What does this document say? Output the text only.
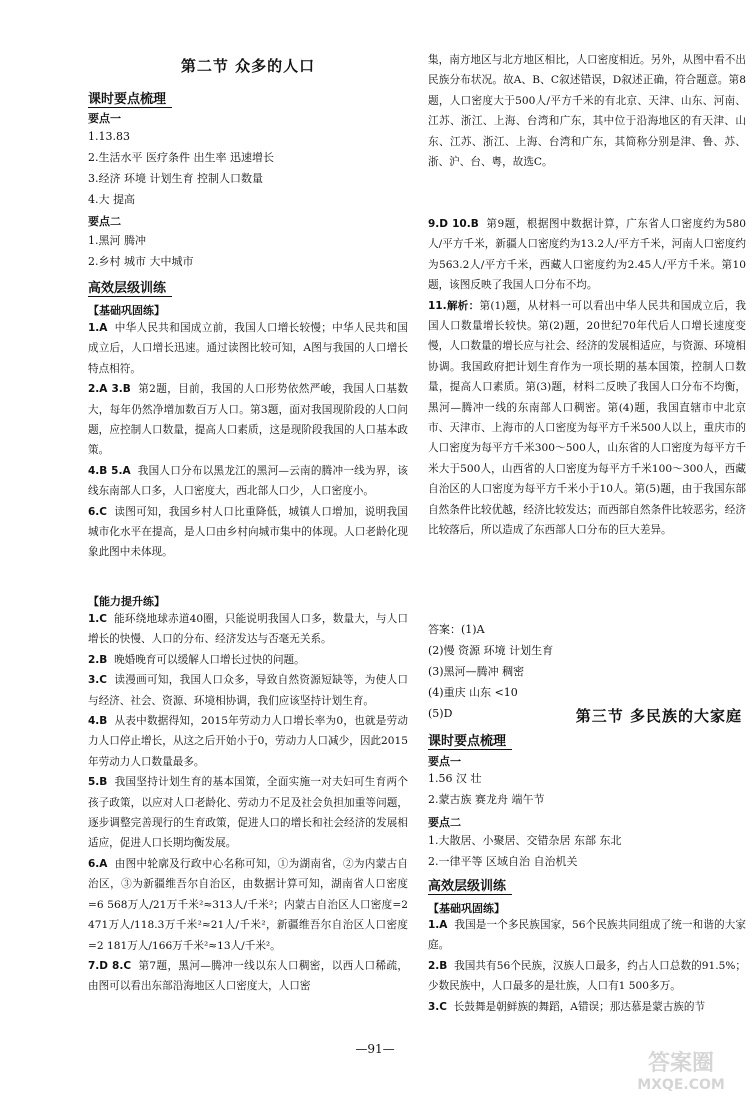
第二节 众多的人口
课时要点梳理
要点一
1.13.83
2.生活水平 医疗条件 出生率 迅速增长
3.经济 环境 计划生育 控制人口数量
4.大 提高
要点二
1.黑河 腾冲
2.乡村 城市 大中城市
高效层级训练
【基础巩固练】
1.A 中华人民共和国成立前，我国人口增长较慢；中华人民共和国成立后，人口增长迅速。通过读图比较可知，A图与我国的人口增长特点相符。
2.A 3.B 第2题，目前，我国的人口形势依然严峻，我国人口基数大，每年仍然净增加数百万人口。第3题，面对我国现阶段的人口问题，应控制人口数量，提高人口素质，这是现阶段我国的人口基本政策。
4.B 5.A 我国人口分布以黑龙江的黑河—云南的腾冲一线为界，该线东南部人口多，人口密度大，西北部人口少，人口密度小。
6.C 读图可知，我国乡村人口比重降低，城镇人口增加，说明我国城市化水平在提高，是人口由乡村向城市集中的体现。人口老龄化现象此图中未体现。
【能力提升练】
1.C 能环绕地球赤道40圈，只能说明我国人口多，数量大，与人口增长的快慢、人口的分布、经济发达与否毫无关系。
2.B 晚婚晚育可以缓解人口增长过快的问题。
3.C 读漫画可知，我国人口众多，导致自然资源短缺等，为使人口与经济、社会、资源、环境相协调，我们应该坚持计划生育。
4.B 从表中数据得知，2015年劳动力人口增长率为0，也就是劳动力人口停止增长，从这之后开始小于0，劳动力人口减少，因此2015年劳动力人口数量最多。
5.B 我国坚持计划生育的基本国策，全面实施一对夫妇可生育两个孩子政策，以应对人口老龄化、劳动力不足及社会负担加重等问题，逐步调整完善现行的生育政策，促进人口的增长和社会经济的发展相适应，促进人口长期均衡发展。
6.A 由图中轮廓及行政中心名称可知，①为湖南省，②为内蒙古自治区，③为新疆维吾尔自治区，由数据计算可知，湖南省人口密度=6 568万人/21万千米²≈313人/千米²；内蒙古自治区人口密度=2 471万人/118.3万千米²≈21人/千米²，新疆维吾尔自治区人口密度=2 181万人/166万千米²≈13人/千米²。
7.D 8.C 第7题，黑河—腾冲一线以东人口稠密，以西人口稀疏，由图可以看出东部沿海地区人口密度大，人口密
集，南方地区与北方地区相比，人口密度相近。另外，从图中看不出民族分布状况。故A、B、C叙述错误，D叙述正确，符合题意。第8题，人口密度大于500人/平方千米的有北京、天津、山东、河南、江苏、浙江、上海、台湾和广东，其中位于沿海地区的有天津、山东、江苏、浙江、上海、台湾和广东，其简称分别是津、鲁、苏、浙、沪、台、粤，故选C。
9.D 10.B 第9题，根据图中数据计算，广东省人口密度约为580人/平方千米，新疆人口密度约为13.2人/平方千米，河南人口密度约为563.2人/平方千米，西藏人口密度约为2.45人/平方千米。第10题，该图反映了我国人口分布不均。
11.解析：第(1)题，从材料一可以看出中华人民共和国成立后，我国人口数量增长较快。第(2)题，20世纪70年代后人口增长速度变慢，人口数量的增长应与社会、经济的发展相适应，与资源、环境相协调。我国政府把计划生育作为一项长期的基本国策，控制人口数量，提高人口素质。第(3)题，材料二反映了我国人口分布不均衡，黑河—腾冲一线的东南部人口稠密。第(4)题，我国直辖市中北京市、天津市、上海市的人口密度为每平方千米500人以上，重庆市的人口密度为每平方千米300～500人，山东省的人口密度为每平方千米大于500人，山西省的人口密度为每平方千米100～300人，西藏自治区的人口密度为每平方千米小于10人。第(5)题，由于我国东部自然条件比较优越，经济比较发达；而西部自然条件比较恶劣，经济比较落后，所以造成了东西部人口分布的巨大差异。
答案：(1)A
(2)慢 资源 环境 计划生育
(3)黑河—腾冲 稠密
(4)重庆 山东 <10
(5)D	第三节 多民族的大家庭
课时要点梳理
要点一
1.56 汉 壮
2.蒙古族 赛龙舟 端午节
要点二
1.大散居、小聚居、交错杂居 东部 东北
2.一律平等 区域自治 自治机关
高效层级训练
【基础巩固练】
1.A 我国是一个多民族国家，56个民族共同组成了统一和谐的大家庭。
2.B 我国共有56个民族，汉族人口最多，约占人口总数的91.5%；少数民族中，人口最多的是壮族，人口有1 500多万。
3.C 长鼓舞是朝鲜族的舞蹈，A错误；那达慕是蒙古族的节
—91—
答案圈
MXQE.COM
